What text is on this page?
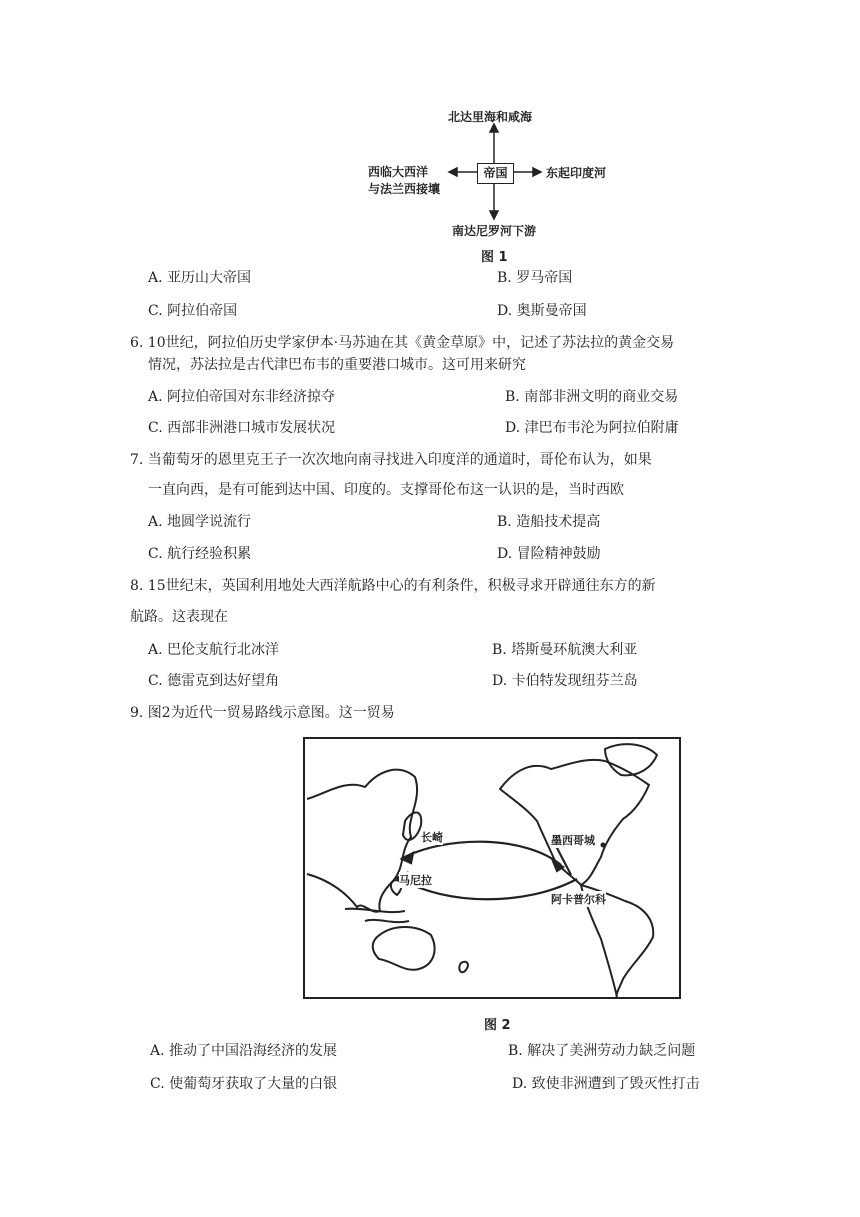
北达里海和咸海
帝国
西临大西洋
与法兰西接壤
东起印度河
南达尼罗河下游
图 1
A. 亚历山大帝国	B. 罗马帝国
C. 阿拉伯帝国	D. 奥斯曼帝国
6. 10世纪，阿拉伯历史学家伊本·马苏迪在其《黄金草原》中，记述了苏法拉的黄金交易
情况，苏法拉是古代津巴布韦的重要港口城市。这可用来研究
A. 阿拉伯帝国对东非经济掠夺	B. 南部非洲文明的商业交易
C. 西部非洲港口城市发展状况	D. 津巴布韦沦为阿拉伯附庸
7. 当葡萄牙的恩里克王子一次次地向南寻找进入印度洋的通道时，哥伦布认为，如果
一直向西，是有可能到达中国、印度的。支撑哥伦布这一认识的是，当时西欧
A. 地圆学说流行	B. 造船技术提高
C. 航行经验积累	D. 冒险精神鼓励
8. 15世纪末，英国利用地处大西洋航路中心的有利条件，积极寻求开辟通往东方的新
航路。这表现在
A. 巴伦支航行北冰洋	B. 塔斯曼环航澳大利亚
C. 德雷克到达好望角	D. 卡伯特发现纽芬兰岛
9. 图2为近代一贸易路线示意图。这一贸易
长崎
马尼拉
墨西哥城
阿卡普尔科
图 2
A. 推动了中国沿海经济的发展	B. 解决了美洲劳动力缺乏问题
C. 使葡萄牙获取了大量的白银	D. 致使非洲遭到了毁灭性打击
